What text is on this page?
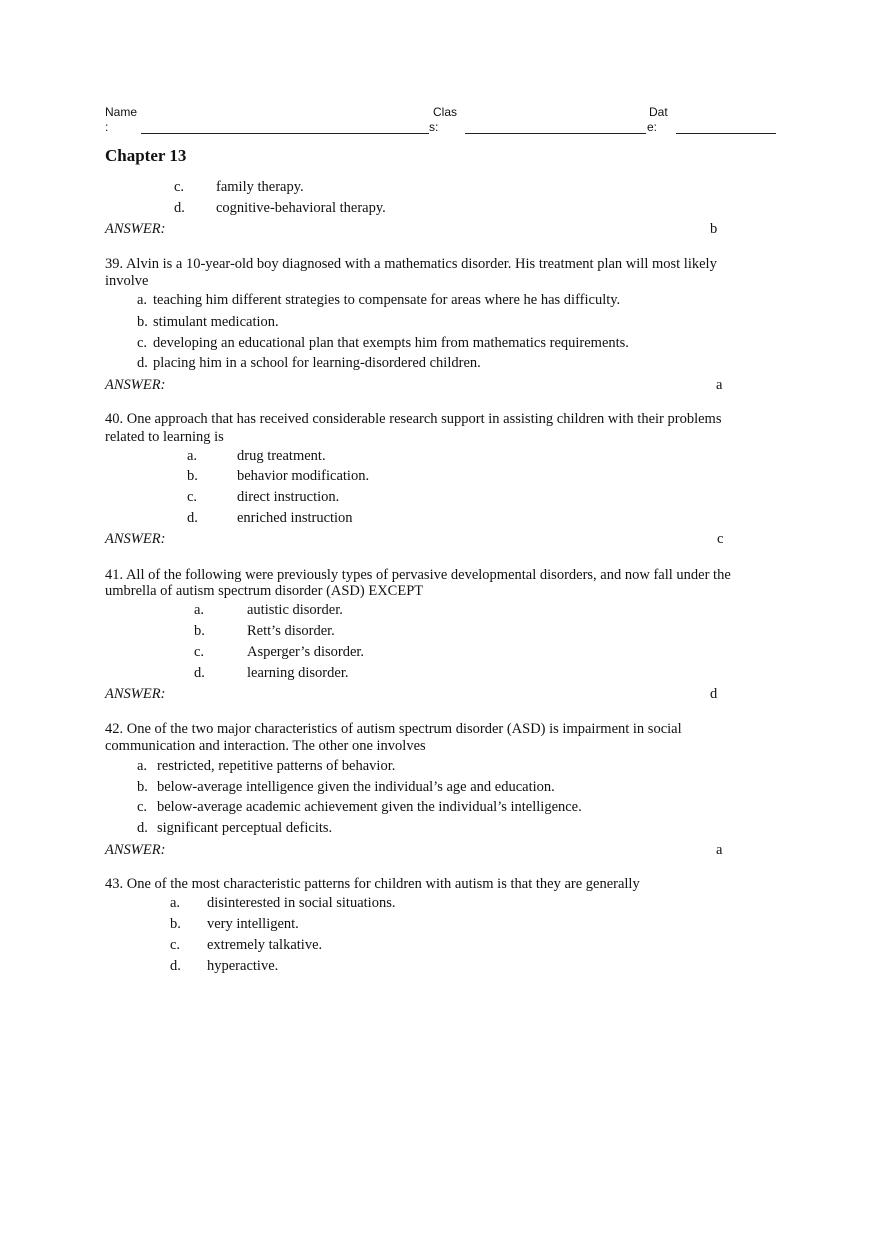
Name
:
Clas
s:
Dat
e:
Chapter 13
c. family therapy.
d. cognitive-behavioral therapy.
ANSWER:	b
39. Alvin is a 10-year-old boy diagnosed with a mathematics disorder. His treatment plan will most likely
involve
a. teaching him different strategies to compensate for areas where he has difficulty.
b. stimulant medication.
c. developing an educational plan that exempts him from mathematics requirements.
d. placing him in a school for learning-disordered children.
ANSWER:	a
40. One approach that has received considerable research support in assisting children with their problems
related to learning is
a.	drug treatment.
b.	behavior modification.
c.	direct instruction.
d.	enriched instruction
ANSWER:	c
41. All of the following were previously types of pervasive developmental disorders, and now fall under the
umbrella of autism spectrum disorder (ASD) EXCEPT
a.	autistic disorder.
b.	Rett’s disorder.
c.	Asperger’s disorder.
d.	learning disorder.
ANSWER:	d
42. One of the two major characteristics of autism spectrum disorder (ASD) is impairment in social
communication and interaction. The other one involves
a. restricted, repetitive patterns of behavior.
b. below-average intelligence given the individual’s age and education.
c. below-average academic achievement given the individual’s intelligence.
d. significant perceptual deficits.
ANSWER:	a
43. One of the most characteristic patterns for children with autism is that they are generally
a. disinterested in social situations.
b. very intelligent.
c. extremely talkative.
d. hyperactive.
